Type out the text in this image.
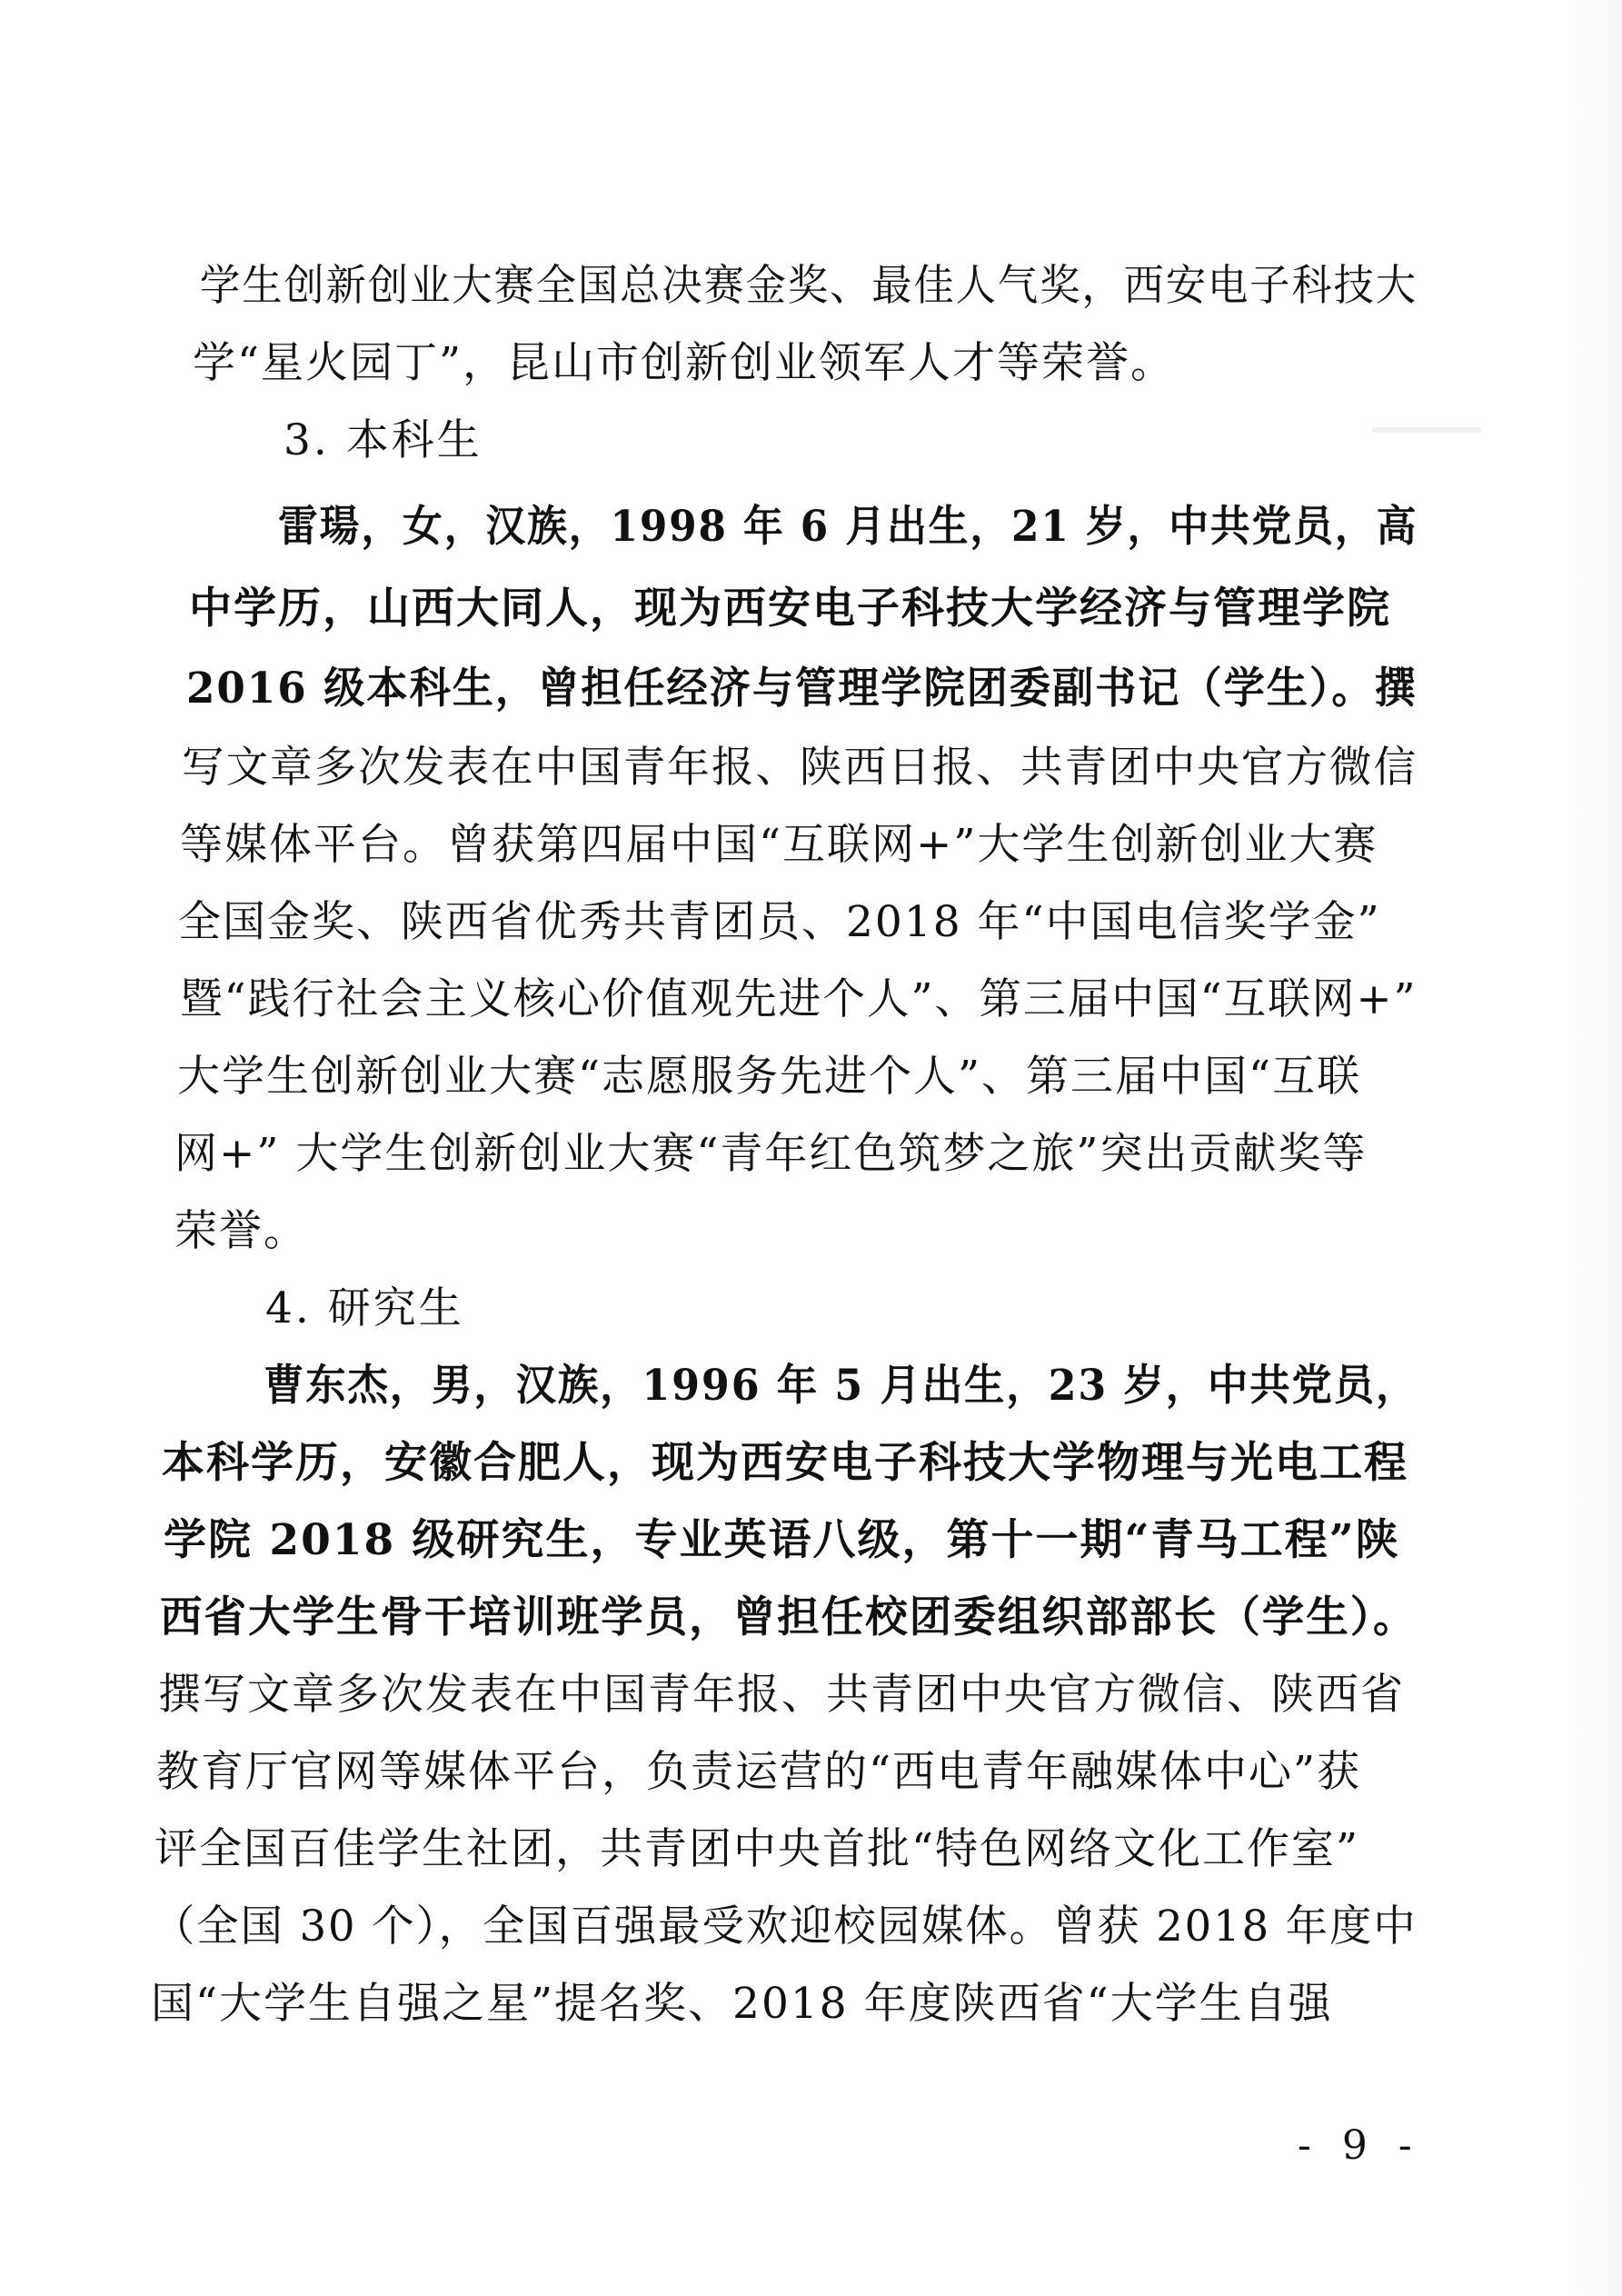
学生创新创业大赛全国总决赛金奖、最佳人气奖，西安电子科技大
学“星火园丁”，昆山市创新创业领军人才等荣誉。
3. 本科生
雷瑒，女，汉族，1998 年 6 月出生，21 岁，中共党员，高
中学历，山西大同人，现为西安电子科技大学经济与管理学院
2016 级本科生，曾担任经济与管理学院团委副书记（学生）。撰
写文章多次发表在中国青年报、陕西日报、共青团中央官方微信
等媒体平台。曾获第四届中国“互联网+”大学生创新创业大赛
全国金奖、陕西省优秀共青团员、2018 年“中国电信奖学金”
暨“践行社会主义核心价值观先进个人”、第三届中国“互联网+”
大学生创新创业大赛“志愿服务先进个人”、第三届中国“互联
网+” 大学生创新创业大赛“青年红色筑梦之旅”突出贡献奖等
荣誉。
4. 研究生
曹东杰，男，汉族，1996 年 5 月出生，23 岁，中共党员，
本科学历，安徽合肥人，现为西安电子科技大学物理与光电工程
学院 2018 级研究生，专业英语八级，第十一期“青马工程”陕
西省大学生骨干培训班学员，曾担任校团委组织部部长（学生）。
撰写文章多次发表在中国青年报、共青团中央官方微信、陕西省
教育厅官网等媒体平台，负责运营的“西电青年融媒体中心”获
评全国百佳学生社团，共青团中央首批“特色网络文化工作室”
（全国 30 个），全国百强最受欢迎校园媒体。曾获 2018 年度中
国“大学生自强之星”提名奖、2018 年度陕西省“大学生自强
- 9 -
